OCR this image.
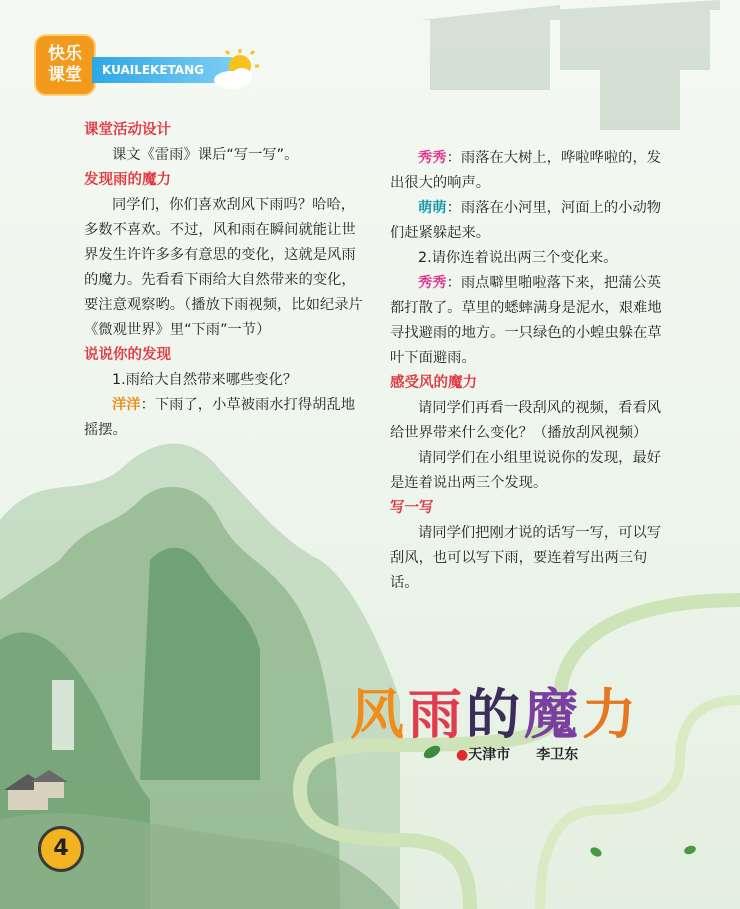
快乐
课堂	KUAILEKETANG

课堂活动设计

课文《雷雨》课后“写一写”。

发现雨的魔力

同学们，你们喜欢刮风下雨吗？哈哈，多数不喜欢。不过，风和雨在瞬间就能让世界发生许许多多有意思的变化，这就是风雨的魔力。先看看下雨给大自然带来的变化，要注意观察哟。（播放下雨视频，比如纪录片《微观世界》里“下雨”一节）

说说你的发现

1.雨给大自然带来哪些变化？

洋洋：下雨了，小草被雨水打得胡乱地摇摆。

秀秀：雨落在大树上，哗啦哗啦的，发出很大的响声。

萌萌：雨落在小河里，河面上的小动物们赶紧躲起来。

2.请你连着说出两三个变化来。

秀秀：雨点噼里啪啦落下来，把蒲公英都打散了。草里的蟋蟀满身是泥水，艰难地寻找避雨的地方。一只绿色的小蝗虫躲在草叶下面避雨。

感受风的魔力

请同学们再看一段刮风的视频，看看风给世界带来什么变化？（播放刮风视频）

请同学们在小组里说说你的发现，最好是连着说出两三个发现。

写一写

请同学们把刚才说的话写一写，可以写刮风，也可以写下雨，要连着写出两三句话。

风雨的魔力
●天津市 李卫东
4
